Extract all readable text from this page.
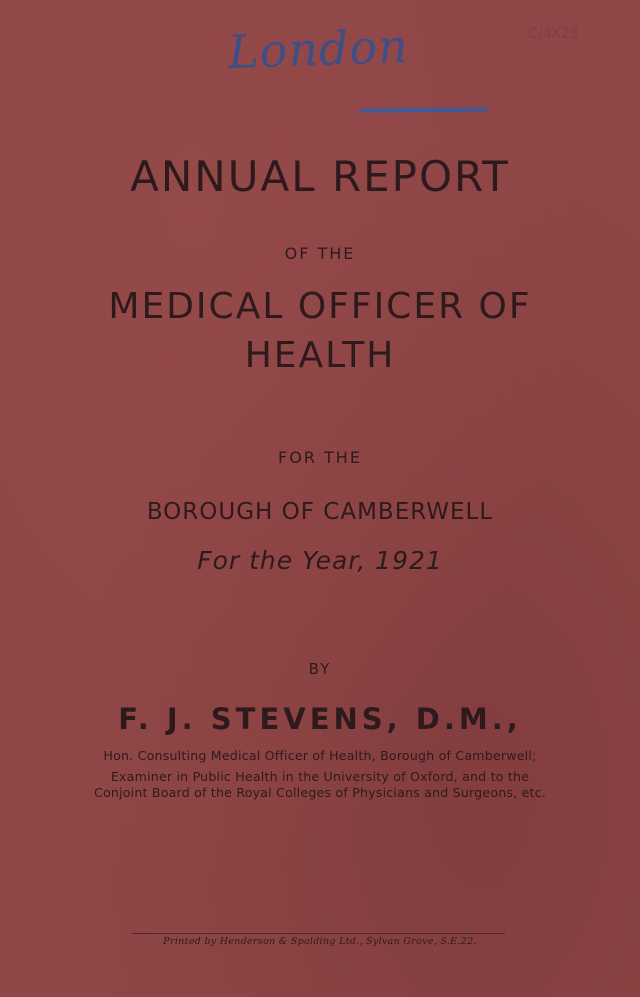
London	C/4X23

ANNUAL REPORT

OF THE

MEDICAL OFFICER OF
HEALTH

FOR THE

BOROUGH OF CAMBERWELL

For the Year, 1921

BY

F. J. STEVENS, D.M.,

Hon. Consulting Medical Officer of Health, Borough of Camberwell;

Examiner in Public Health in the University of Oxford, and to the

Conjoint Board of the Royal Colleges of Physicians and Surgeons, etc.

Printed by Henderson & Spalding Ltd., Sylvan Grove, S.E.22.
